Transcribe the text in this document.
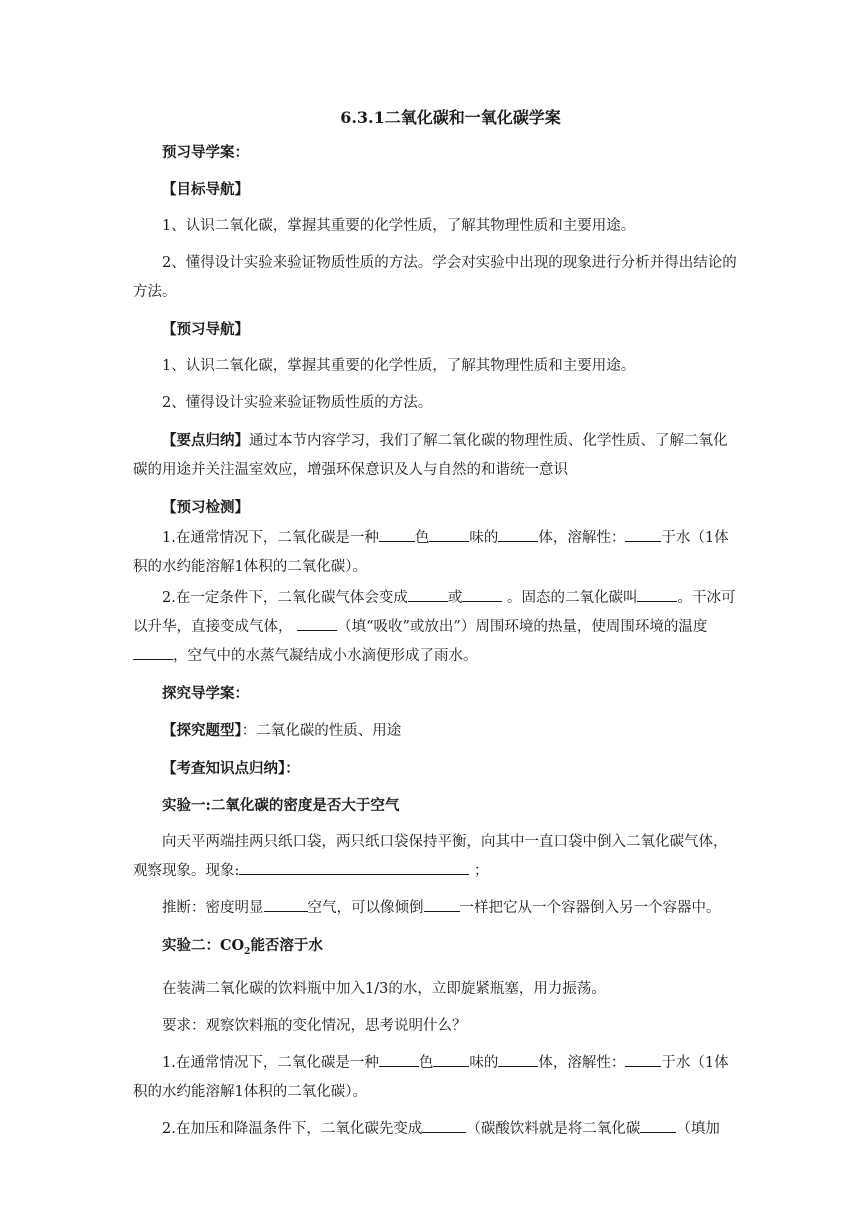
6.3.1二氧化碳和一氧化碳学案

预习导学案：

【目标导航】

1、认识二氧化碳，掌握其重要的化学性质，了解其物理性质和主要用途。

2、懂得设计实验来验证物质性质的方法。学会对实验中出现的现象进行分析并得出结论的方法。

【预习导航】

1、认识二氧化碳，掌握其重要的化学性质，了解其物理性质和主要用途。

2、懂得设计实验来验证物质性质的方法。

【要点归纳】通过本节内容学习，我们了解二氧化碳的物理性质、化学性质、了解二氧化碳的用途并关注温室效应，增强环保意识及人与自然的和谐统一意识

【预习检测】

1.在通常情况下，二氧化碳是一种 色	味的	体，溶解性： 于水（1体积的水约能溶解1体积的二氧化碳）。

2.在一定条件下，二氧化碳气体会变成	或	。固态的二氧化碳叫	。干冰可以升华，直接变成气体，	（填“吸收”或放出”）周围环境的热量，使周围环境的温度，空气中的水蒸气凝结成小水滴便形成了雨水。

探究导学案：

【探究题型】：二氧化碳的性质、用途

【考查知识点归纳】：

实验一:二氧化碳的密度是否大于空气

向天平两端挂两只纸口袋，两只纸口袋保持平衡，向其中一直口袋中倒入二氧化碳气体，观察现象。现象:	；

推断：密度明显	空气，可以像倾倒 一样把它从一个容器倒入另一个容器中。

实验二：$CO_2$能否溶于水

在装满二氧化碳的饮料瓶中加入1/3的水，立即旋紧瓶塞，用力振荡。

要求：观察饮料瓶的变化情况，思考说明什么？

1.在通常情况下，二氧化碳是一种	色 味的	体，溶解性： 于水（1体积的水约能溶解1体积的二氧化碳）。

2.在加压和降温条件下，二氧化碳先变成	（碳酸饮料就是将二氧化碳 （填加
